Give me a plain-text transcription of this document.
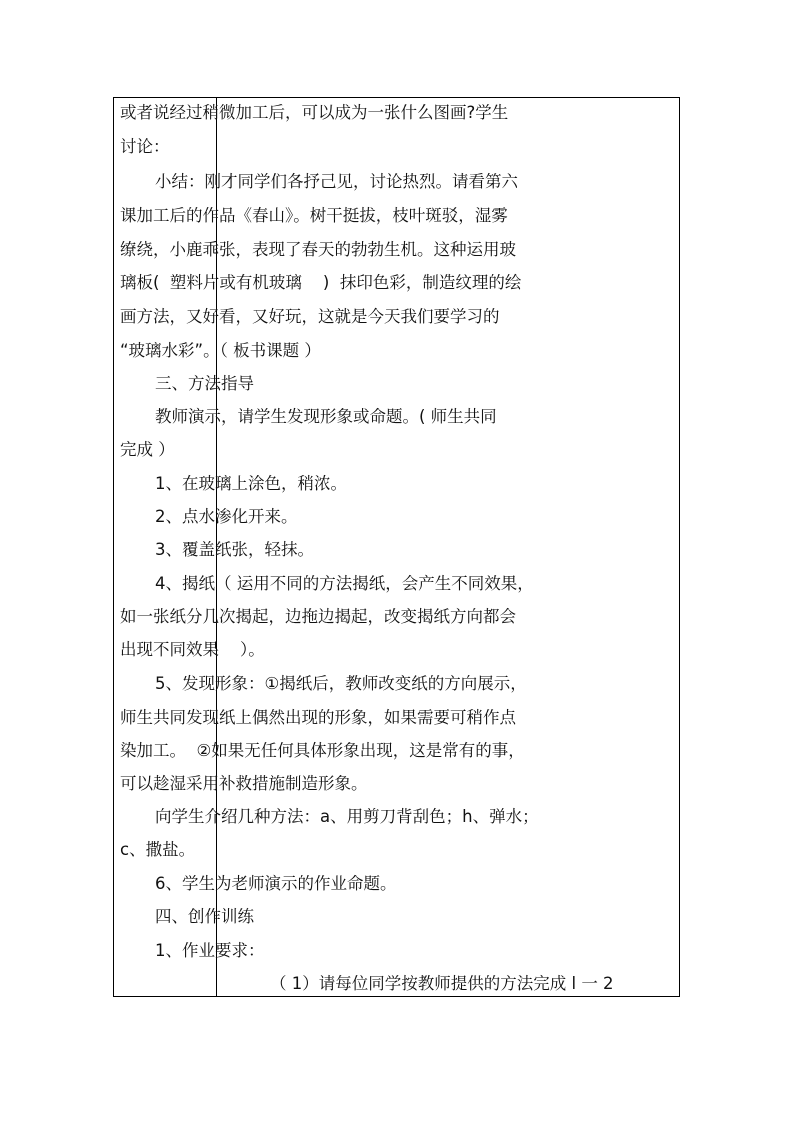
或者说经过稍微加工后，可以成为一张什么图画?学生
讨论：
小结：刚才同学们各抒己见，讨论热烈。请看第六
课加工后的作品《春山》。树干挺拔，枝叶斑驳，湿雾
缭绕，小鹿乖张，表现了春天的勃勃生机。这种运用玻
璃板(  塑料片或有机玻璃    )  抹印色彩，制造纹理的绘
画方法，又好看，又好玩，这就是今天我们要学习的
“玻璃水彩”。（ 板书课题 ）
三、方法指导
教师演示，请学生发现形象或命题。( 师生共同
完成 ）
1、在玻璃上涂色，稍浓。
2、点水渗化开来。
3、覆盖纸张，轻抹。
4、揭纸（ 运用不同的方法揭纸，会产生不同效果，
如一张纸分几次揭起，边拖边揭起，改变揭纸方向都会
出现不同效果    ）。
5、发现形象：①揭纸后，教师改变纸的方向展示，
师生共同发现纸上偶然出现的形象，如果需要可稍作点
染加工。  ②如果无任何具体形象出现，这是常有的事，
可以趁湿采用补救措施制造形象。
向学生介绍几种方法：a、用剪刀背刮色；h、弹水；
c、撒盐。
6、学生为老师演示的作业命题。
四、创作训练
1、作业要求：
（ 1）请每位同学按教师提供的方法完成 l 一 2
